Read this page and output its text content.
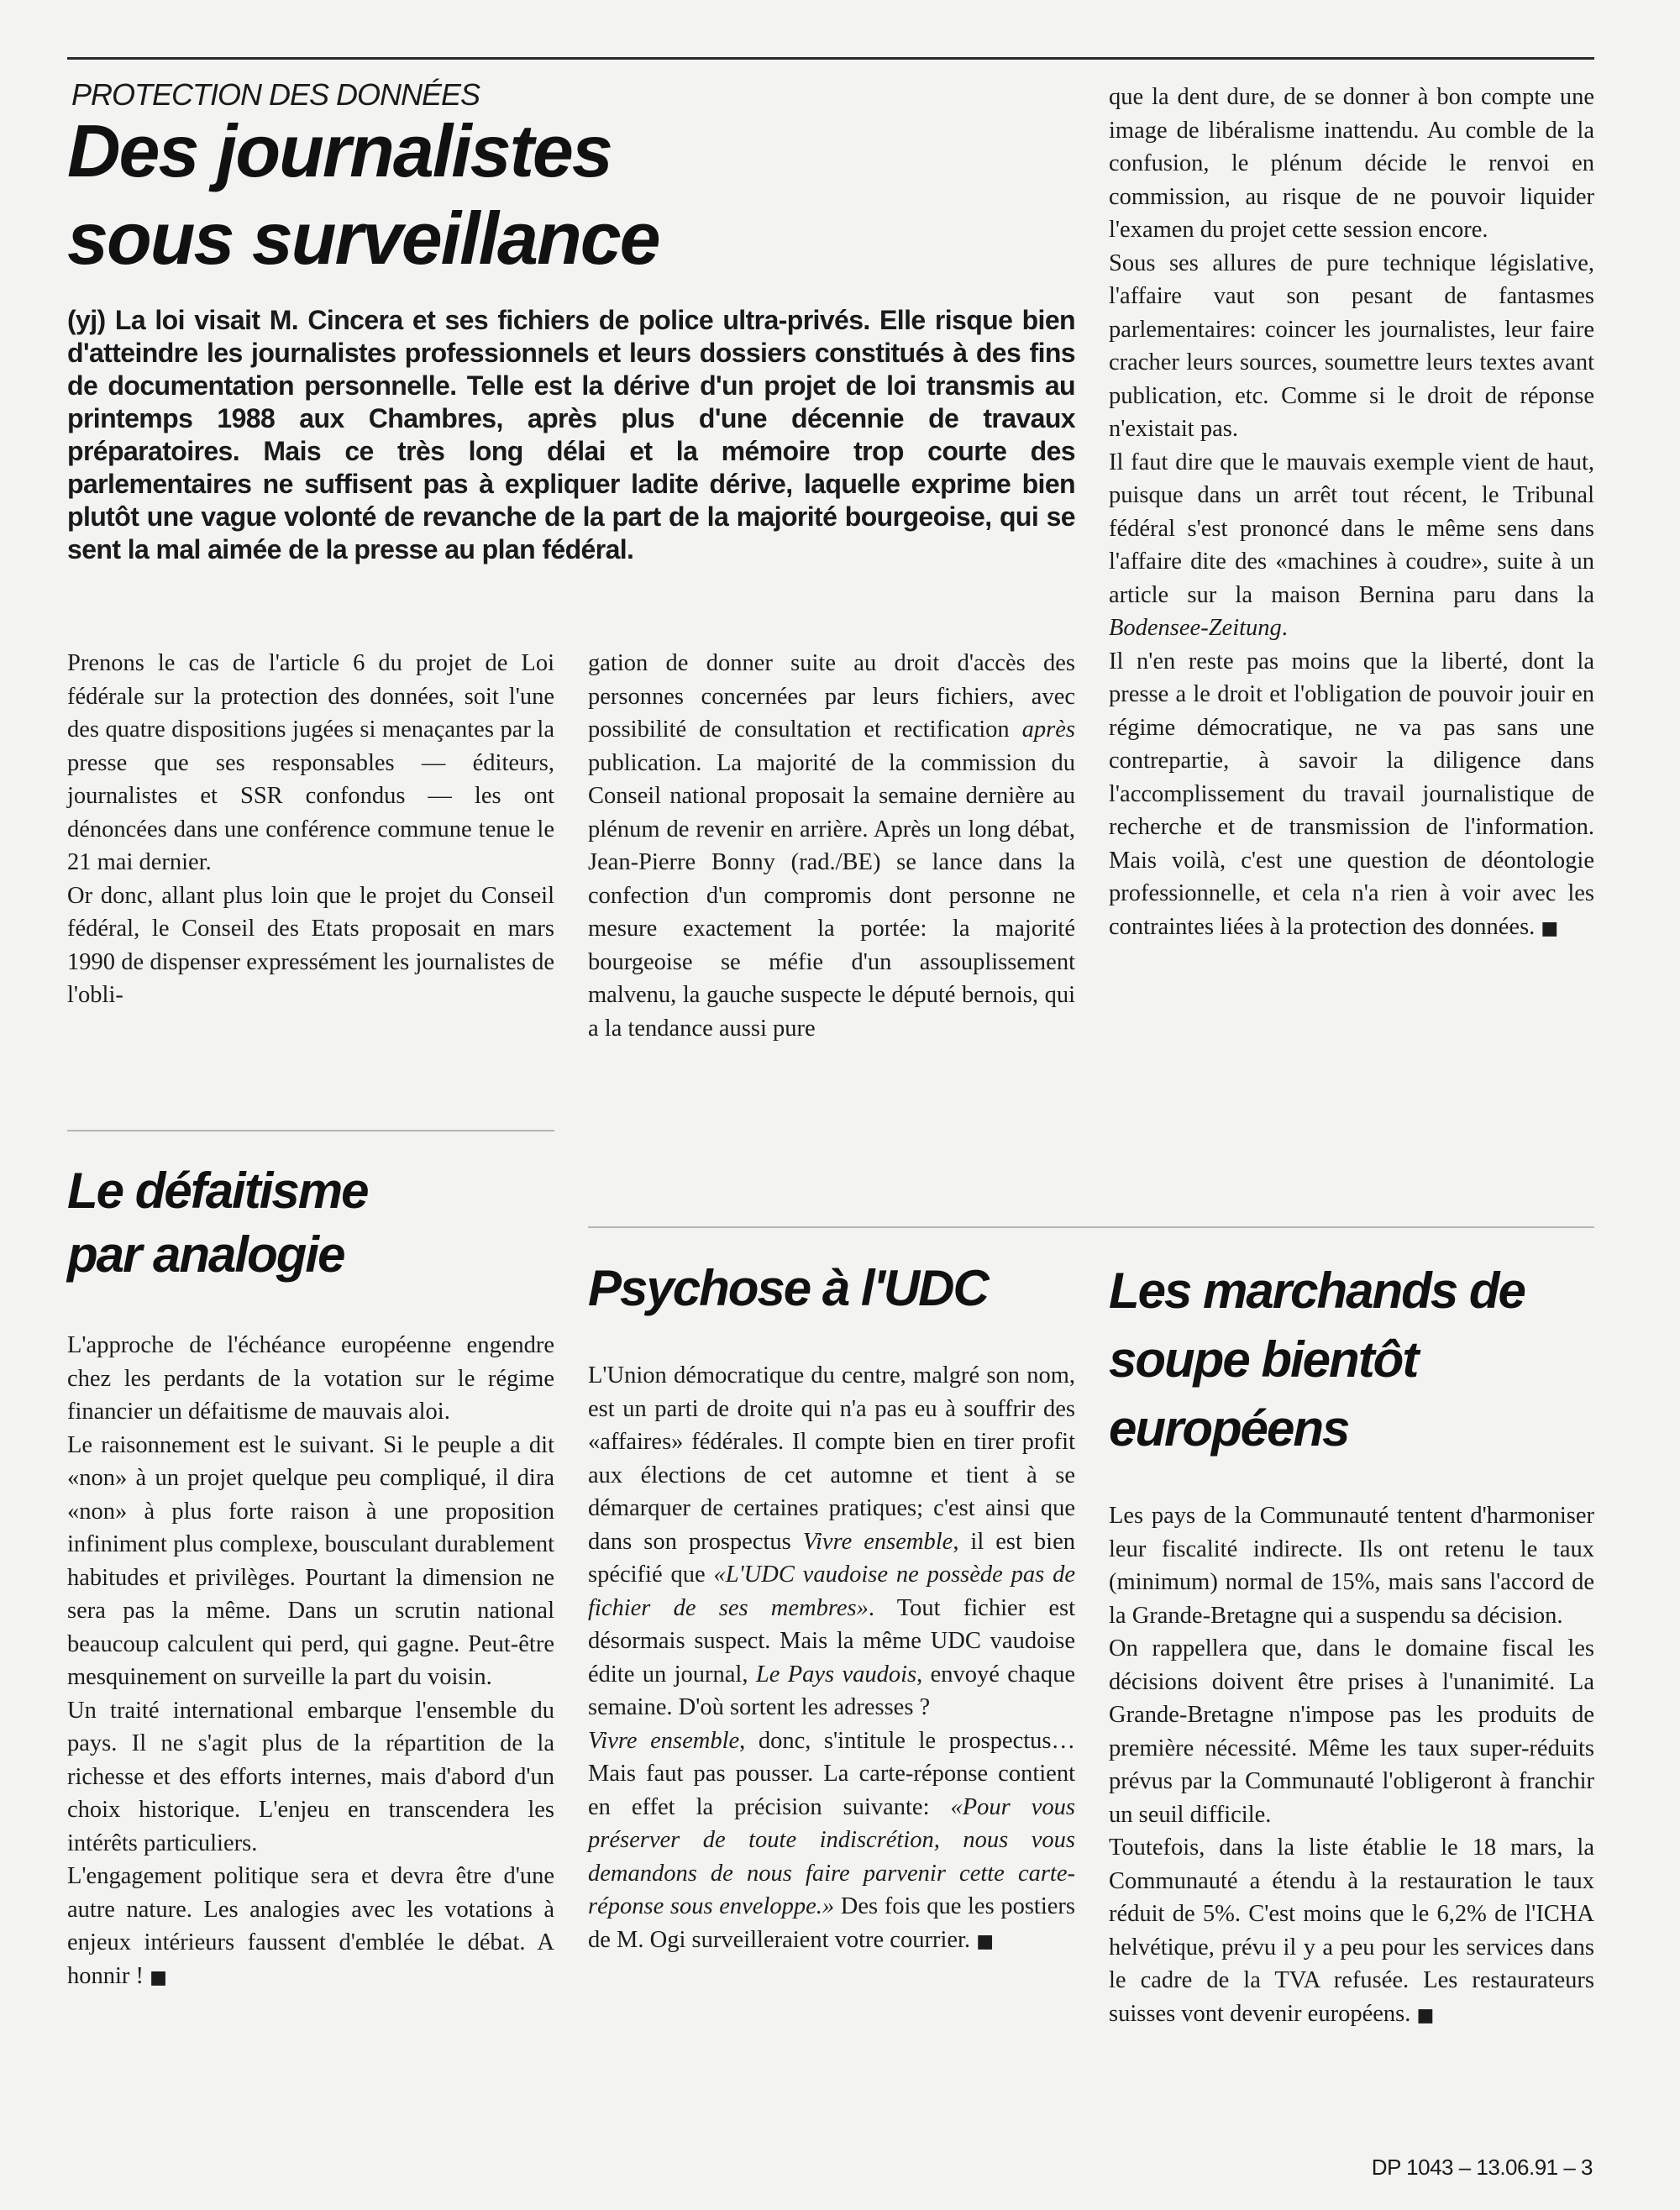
PROTECTION DES DONNÉES
Des journalistes
sous surveillance

(yj) La loi visait M. Cincera et ses fichiers de police ultra-privés. Elle risque bien d'atteindre les journalistes professionnels et leurs dossiers constitués à des fins de documentation personnelle. Telle est la dérive d'un projet de loi transmis au printemps 1988 aux Chambres, après plus d'une décennie de travaux préparatoires. Mais ce très long délai et la mémoire trop courte des parlementaires ne suffisent pas à expliquer ladite dérive, laquelle exprime bien plutôt une vague volonté de revanche de la part de la majorité bourgeoise, qui se sent la mal aimée de la presse au plan fédéral.

Prenons le cas de l'article 6 du projet de Loi fédérale sur la protection des données, soit l'une des quatre dispositions jugées si menaçantes par la presse que ses responsables — éditeurs, journalistes et SSR confondus — les ont dénoncées dans une conférence commune tenue le 21 mai dernier.

Or donc, allant plus loin que le projet du Conseil fédéral, le Conseil des Etats proposait en mars 1990 de dispenser expressément les journalistes de l'obli-

gation de donner suite au droit d'accès des personnes concernées par leurs fichiers, avec possibilité de consultation et rectification après publication. La majorité de la commission du Conseil national proposait la semaine dernière au plénum de revenir en arrière. Après un long débat, Jean-Pierre Bonny (rad./BE) se lance dans la confection d'un compromis dont personne ne mesure exactement la portée: la majorité bourgeoise se méfie d'un assouplissement malvenu, la gauche suspecte le député bernois, qui a la tendance aussi pure

que la dent dure, de se donner à bon compte une image de libéralisme inattendu. Au comble de la confusion, le plénum décide le renvoi en commission, au risque de ne pouvoir liquider l'examen du projet cette session encore.

Sous ses allures de pure technique législative, l'affaire vaut son pesant de fantasmes parlementaires: coincer les journalistes, leur faire cracher leurs sources, soumettre leurs textes avant publication, etc. Comme si le droit de réponse n'existait pas.

Il faut dire que le mauvais exemple vient de haut, puisque dans un arrêt tout récent, le Tribunal fédéral s'est prononcé dans le même sens dans l'affaire dite des «machines à coudre», suite à un article sur la maison Bernina paru dans la Bodensee-Zeitung.

Il n'en reste pas moins que la liberté, dont la presse a le droit et l'obligation de pouvoir jouir en régime démocratique, ne va pas sans une contrepartie, à savoir la diligence dans l'accomplissement du travail journalistique de recherche et de transmission de l'information. Mais voilà, c'est une question de déontologie professionnelle, et cela n'a rien à voir avec les contraintes liées à la protection des données. ■

Le défaitisme
par analogie

L'approche de l'échéance européenne engendre chez les perdants de la votation sur le régime financier un défaitisme de mauvais aloi.

Le raisonnement est le suivant. Si le peuple a dit «non» à un projet quelque peu compliqué, il dira «non» à plus forte raison à une proposition infiniment plus complexe, bousculant durablement habitudes et privilèges. Pourtant la dimension ne sera pas la même. Dans un scrutin national beaucoup calculent qui perd, qui gagne. Peut-être mesquinement on surveille la part du voisin.

Un traité international embarque l'ensemble du pays. Il ne s'agit plus de la répartition de la richesse et des efforts internes, mais d'abord d'un choix historique. L'enjeu en transcendera les intérêts particuliers.

L'engagement politique sera et devra être d'une autre nature. Les analogies avec les votations à enjeux intérieurs faussent d'emblée le débat. A honnir ! ■

Psychose à l'UDC

L'Union démocratique du centre, malgré son nom, est un parti de droite qui n'a pas eu à souffrir des «affaires» fédérales. Il compte bien en tirer profit aux élections de cet automne et tient à se démarquer de certaines pratiques; c'est ainsi que dans son prospectus Vivre ensemble, il est bien spécifié que «L'UDC vaudoise ne possède pas de fichier de ses membres». Tout fichier est désormais suspect. Mais la même UDC vaudoise édite un journal, Le Pays vaudois, envoyé chaque semaine. D'où sortent les adresses ?

Vivre ensemble, donc, s'intitule le prospectus… Mais faut pas pousser. La carte-réponse contient en effet la précision suivante: «Pour vous préserver de toute indiscrétion, nous vous demandons de nous faire parvenir cette carte-réponse sous enveloppe.» Des fois que les postiers de M. Ogi surveilleraient votre courrier. ■

Les marchands de
soupe bientôt
européens

Les pays de la Communauté tentent d'harmoniser leur fiscalité indirecte. Ils ont retenu le taux (minimum) normal de 15%, mais sans l'accord de la Grande-Bretagne qui a suspendu sa décision.

On rappellera que, dans le domaine fiscal les décisions doivent être prises à l'unanimité. La Grande-Bretagne n'impose pas les produits de première nécessité. Même les taux super-réduits prévus par la Communauté l'obligeront à franchir un seuil difficile.

Toutefois, dans la liste établie le 18 mars, la Communauté a étendu à la restauration le taux réduit de 5%. C'est moins que le 6,2% de l'ICHA helvétique, prévu il y a peu pour les services dans le cadre de la TVA refusée. Les restaurateurs suisses vont devenir européens. ■

DP 1043 – 13.06.91 – 3
